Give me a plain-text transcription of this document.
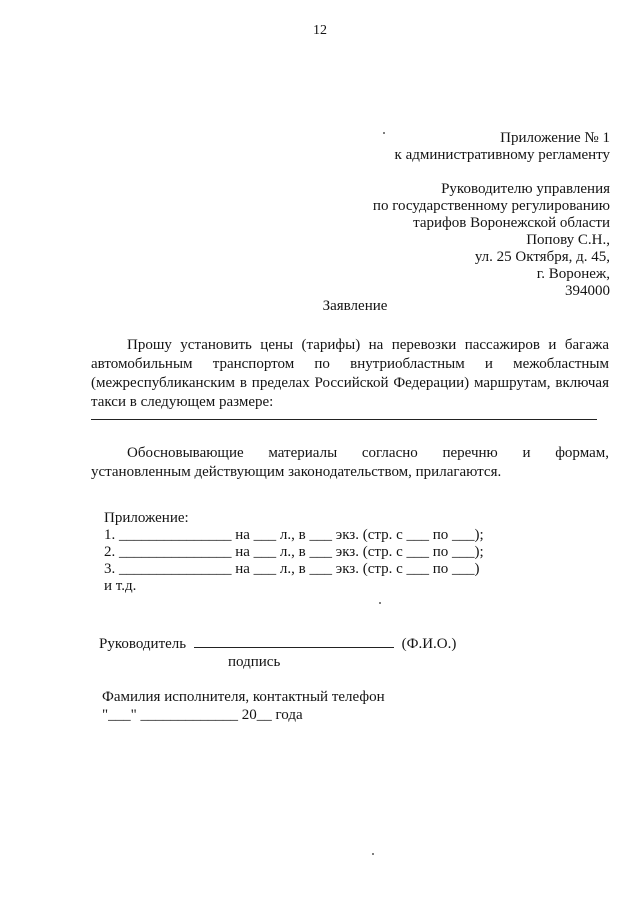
12
Приложение № 1
к административному регламенту
Руководителю управления
по государственному регулированию
тарифов Воронежской области
Попову С.Н.,
ул. 25 Октября, д. 45,
г. Воронеж,
394000
Заявление
Прошу установить цены (тарифы) на перевозки пассажиров и багажа
автомобильным транспортом по внутриобластным и межобластным
(межреспубликанским в пределах Российской Федерации) маршрутам, включая
такси в следующем размере:
Обосновывающие материалы согласно перечню и формам,
установленным действующим законодательством, прилагаются.
Приложение:
1. _______________ на ___ л., в ___ экз. (стр. с ___ по ___);
2. _______________ на ___ л., в ___ экз. (стр. с ___ по ___);
3. _______________ на ___ л., в ___ экз. (стр. с ___ по ___)
и т.д.
Руководитель	(Ф.И.О.)
подпись
Фамилия исполнителя, контактный телефон
"___" _____________ 20__ года
